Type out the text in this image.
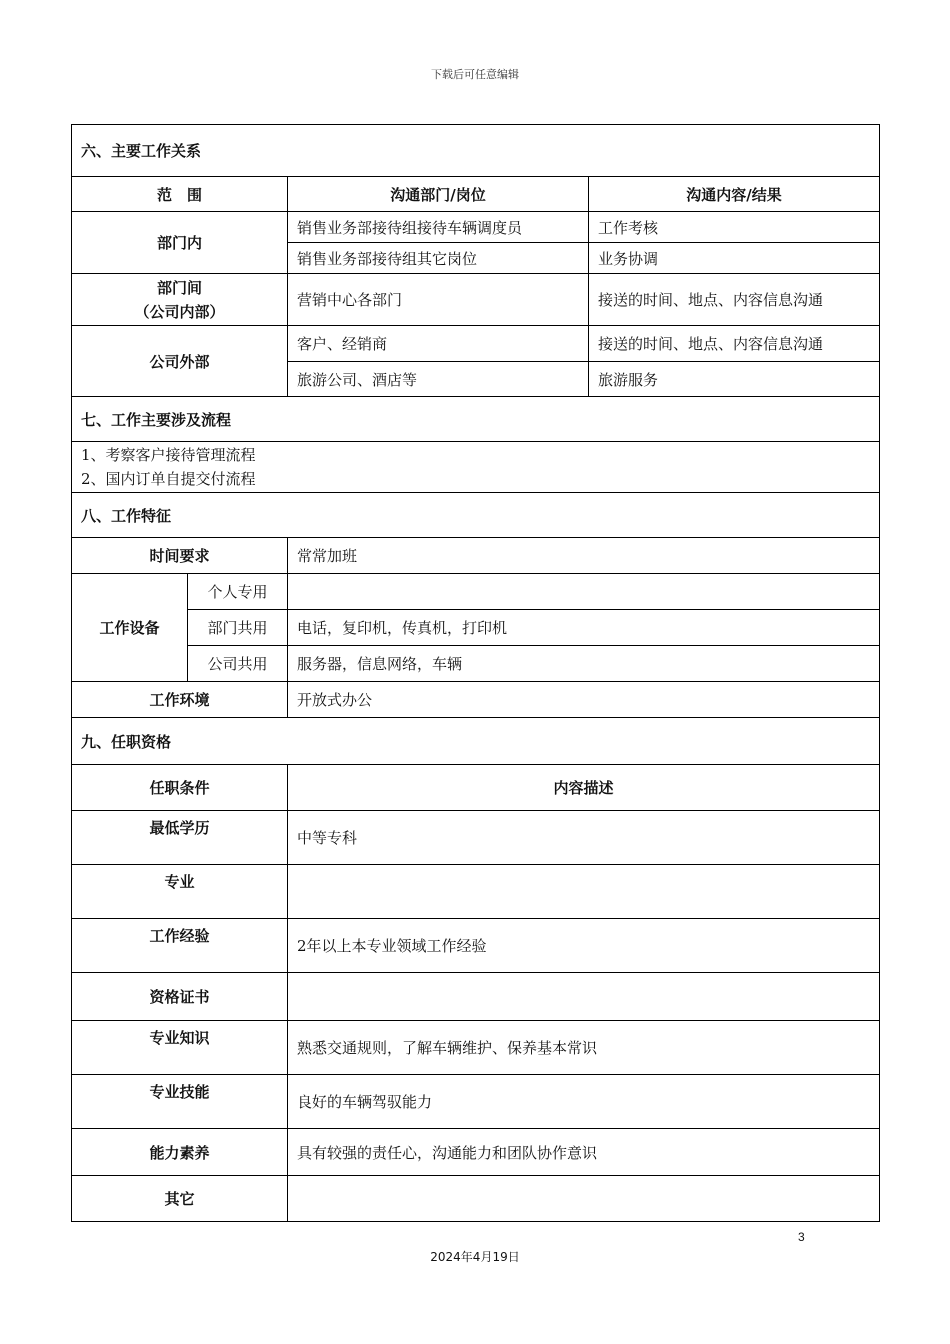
下载后可任意编辑
六、主要工作关系			
范　围		沟通部门/岗位	沟通内容/结果
部门内		销售业务部接待组接待车辆调度员	工作考核
		销售业务部接待组其它岗位	业务协调

部门间
（公司内部）		营销中心各部门	接送的时间、地点、内容信息沟通
公司外部		客户、经销商	接送的时间、地点、内容信息沟通
		旅游公司、酒店等	旅游服务
七、工作主要涉及流程			

1、考察客户接待管理流程
2、国内订单自提交付流程			

八、工作特征			
时间要求		常常加班	
工作设备	个人专用		
	部门共用	电话，复印机，传真机，打印机	
	公司共用	服务器，信息网络，车辆	
工作环境		开放式办公	
九、任职资格			
任职条件		内容描述	
最低学历		中等专科	
专业			
工作经验		2年以上本专业领域工作经验	
资格证书			
专业知识		熟悉交通规则，了解车辆维护、保养基本常识	
专业技能		良好的车辆驾驭能力	
能力素养		具有较强的责任心，沟通能力和团队协作意识	
其它			
3
2024年4月19日
